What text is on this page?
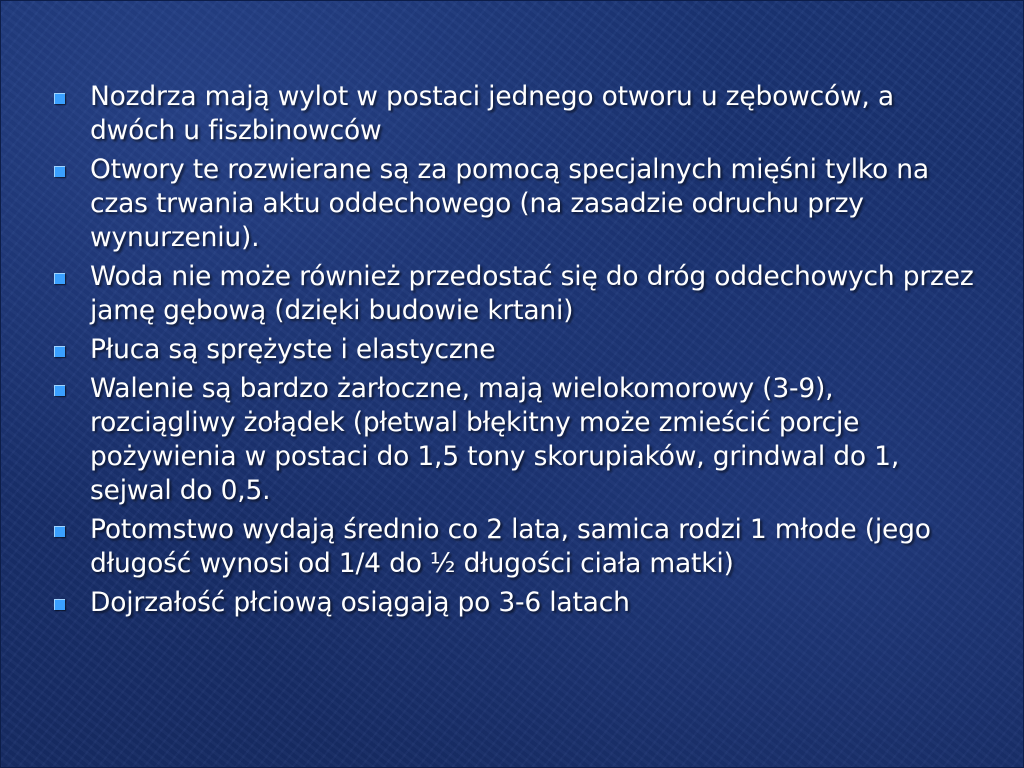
Nozdrza mają wylot w postaci jednego otworu u zębowców, a dwóch u fiszbinowców
Otwory te rozwierane są za pomocą specjalnych mięśni tylko na czas trwania aktu oddechowego (na zasadzie odruchu przy wynurzeniu).
Woda nie może również przedostać się do dróg oddechowych przez jamę gębową (dzięki budowie krtani)
Płuca są sprężyste i elastyczne
Walenie są bardzo żarłoczne, mają wielokomorowy (3-9), rozciągliwy żołądek (płetwal błękitny może zmieścić porcje pożywienia w postaci do 1,5 tony skorupiaków, grindwal do 1, sejwal do 0,5.
Potomstwo wydają średnio co 2 lata, samica rodzi 1 młode (jego długość wynosi od 1/4 do ½ długości ciała matki)
Dojrzałość płciową osiągają po 3-6 latach
